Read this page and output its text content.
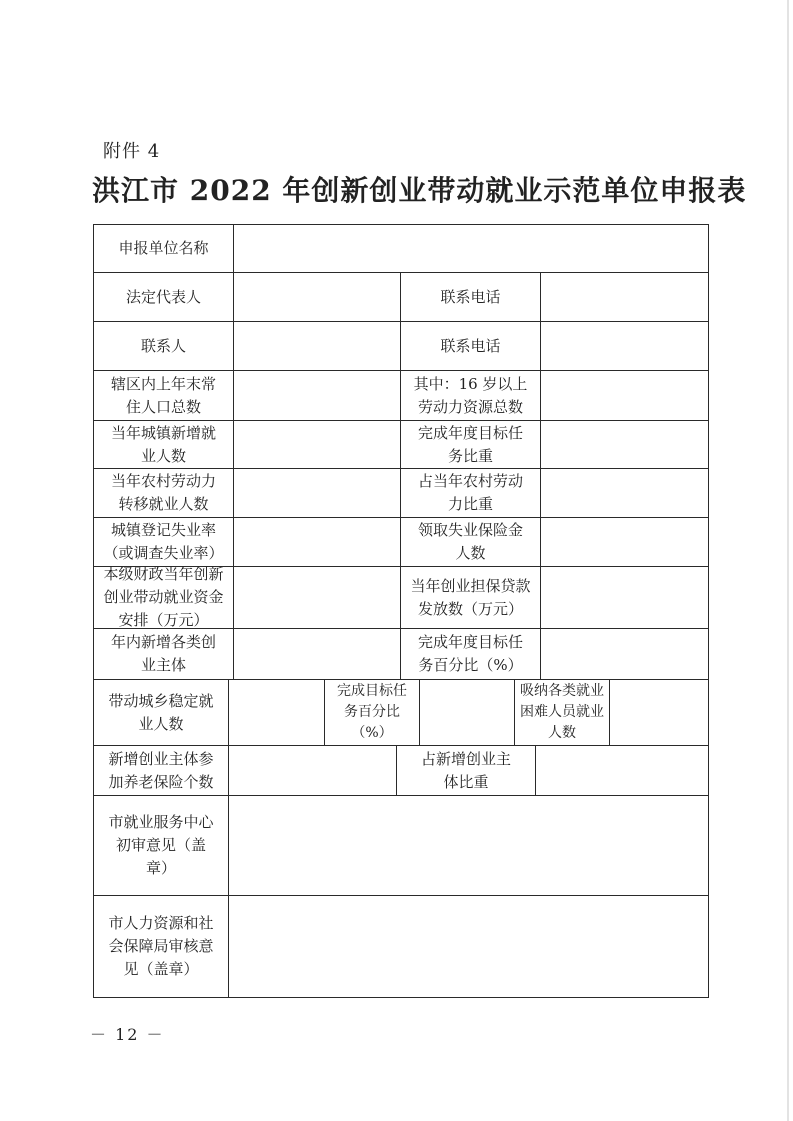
附件 4
洪江市 2022 年创新创业带动就业示范单位申报表
申报单位名称
法定代表人	联系电话
联系人	联系电话
辖区内上年末常住人口总数
其中：16 岁以上劳动力资源总数
当年城镇新增就业人数
完成年度目标任务比重
当年农村劳动力转移就业人数
占当年农村劳动力比重
城镇登记失业率（或调查失业率）
领取失业保险金人数
本级财政当年创新创业带动就业资金安排（万元）
当年创业担保贷款发放数（万元）
年内新增各类创业主体
完成年度目标任务百分比（%）
带动城乡稳定就业人数
完成目标任务百分比（%）
吸纳各类就业困难人员就业人数
新增创业主体参加养老保险个数
占新增创业主体比重
市就业服务中心初审意见（盖章）
市人力资源和社会保障局审核意见（盖章）
－ 12 －
